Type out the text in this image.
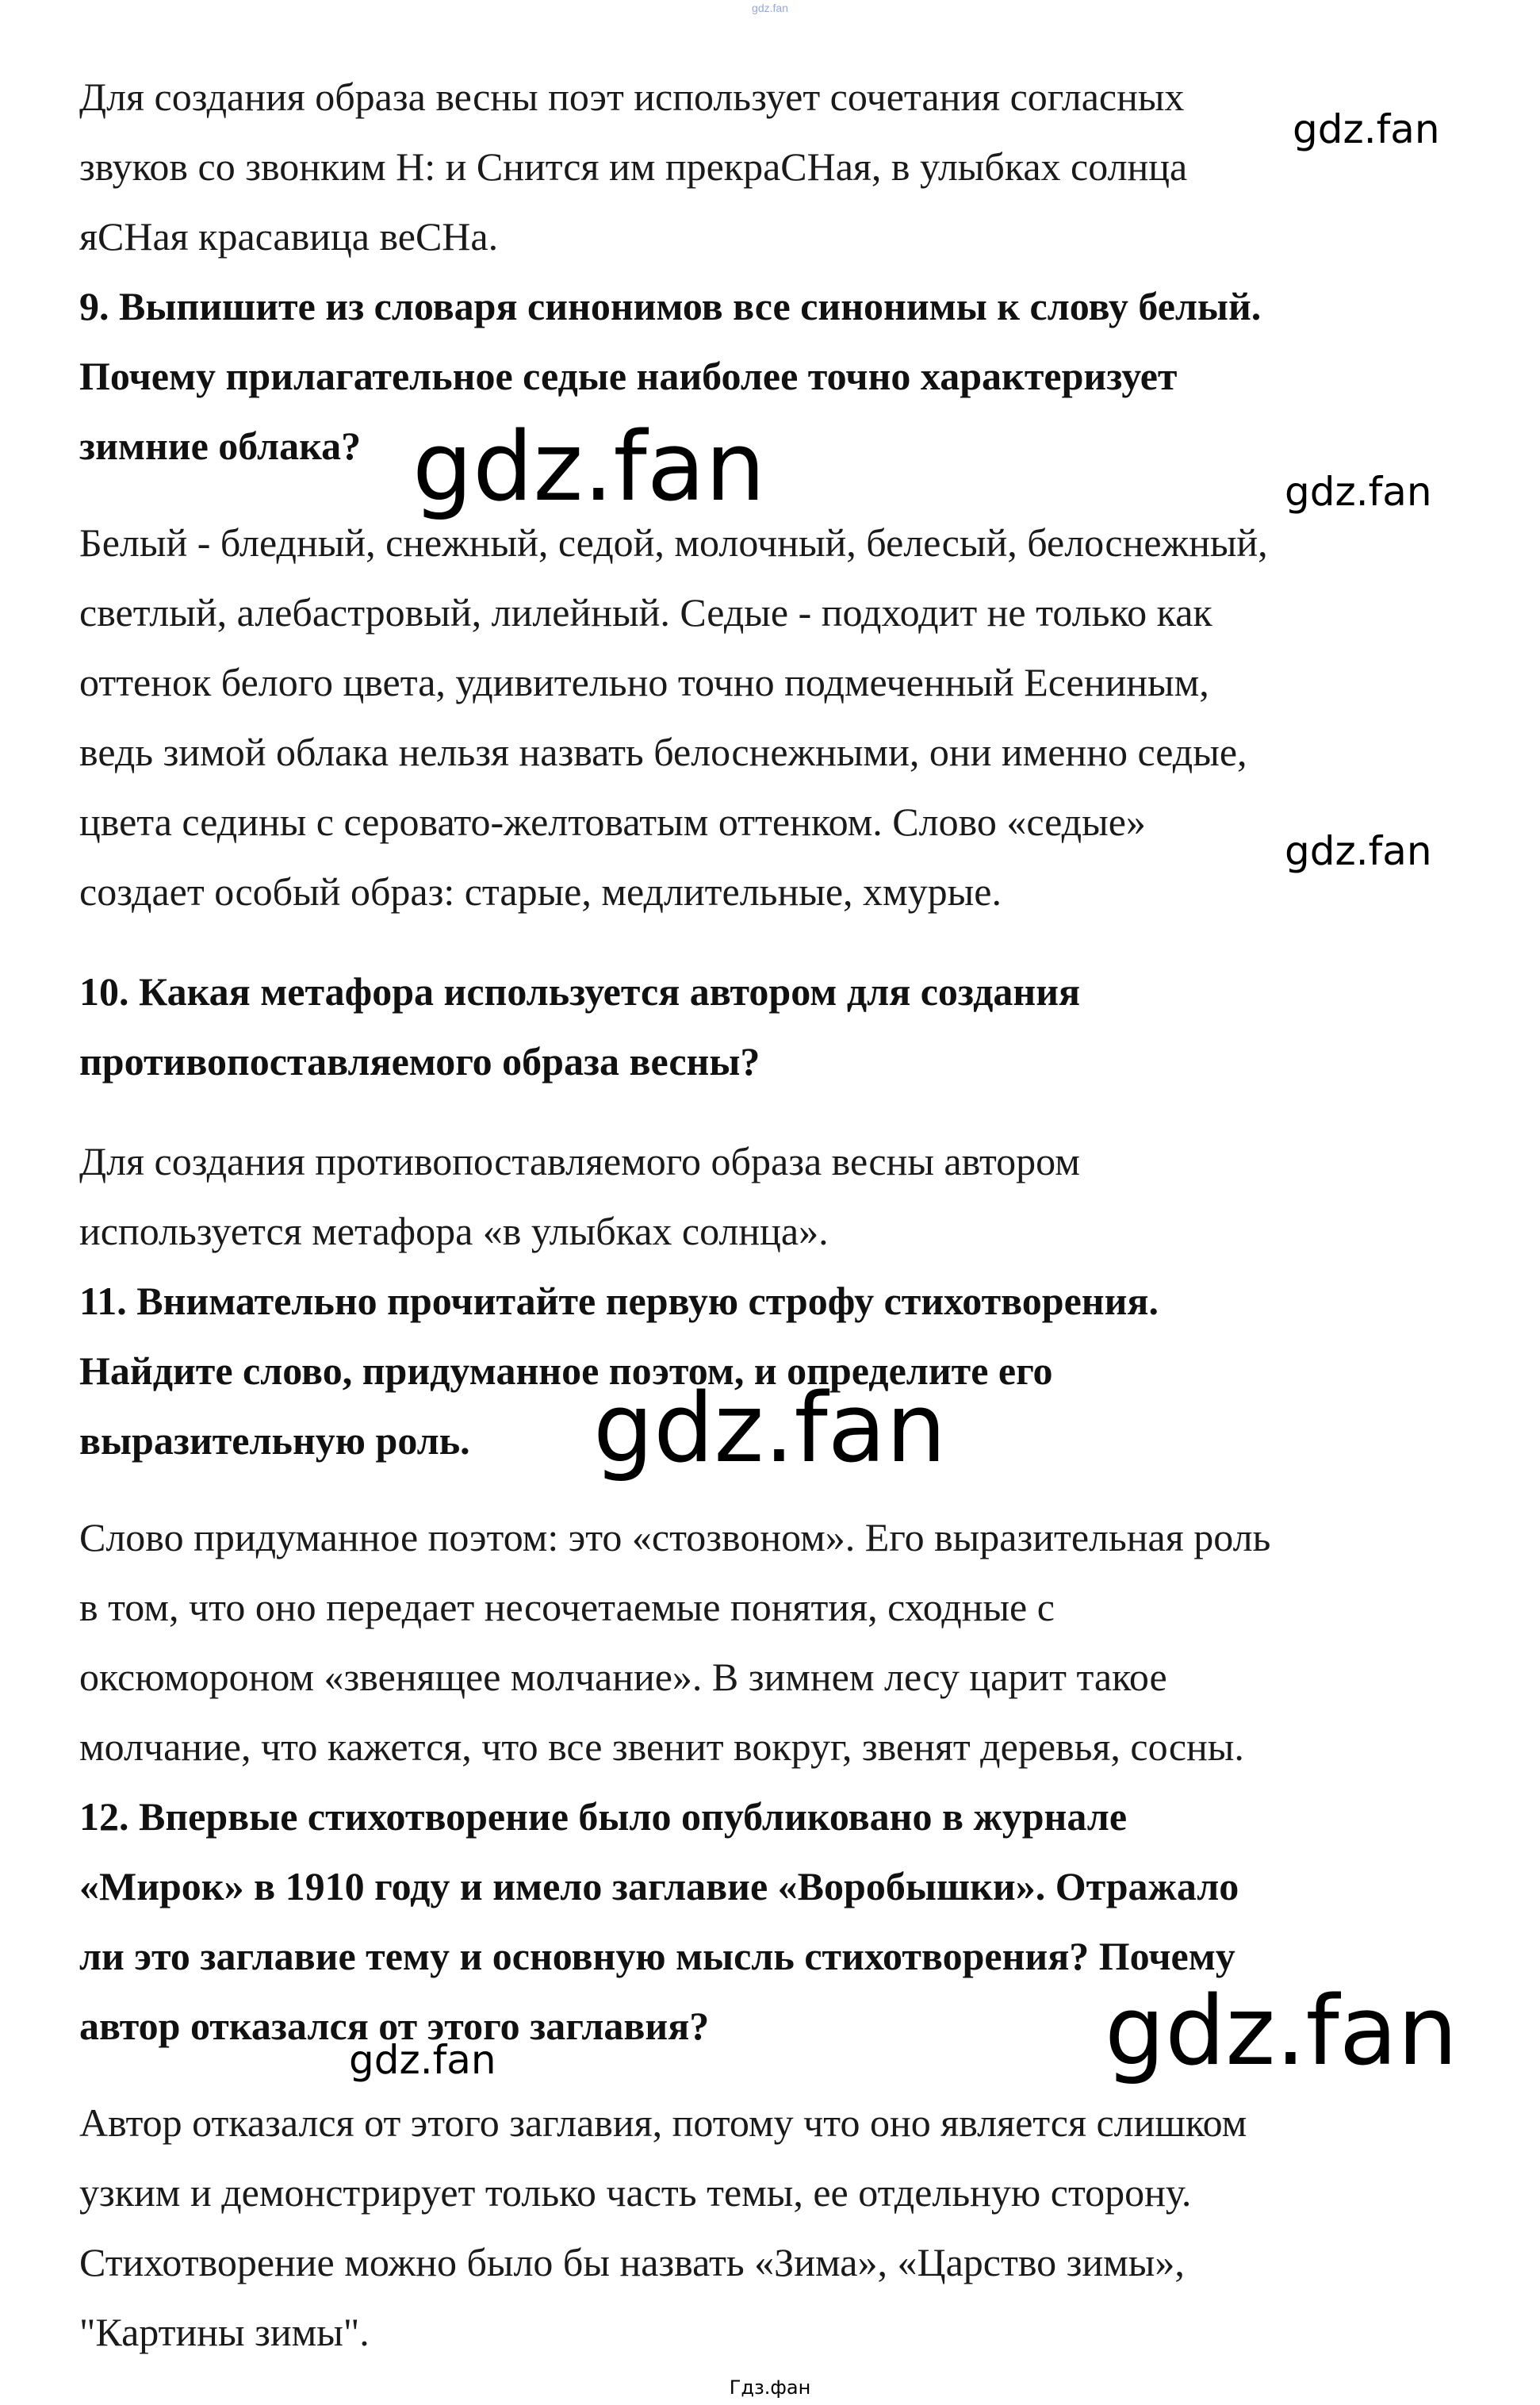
gdz.fan
Для создания образа весны поэт использует сочетания согласных
звуков со звонким Н: и Снится им прекраСНая, в улыбках солнца
яСНая красавица веСНа.
9. Выпишите из словаря синонимов все синонимы к слову белый.
Почему прилагательное седые наиболее точно характеризует
зимние облака?
Белый - бледный, снежный, седой, молочный, белесый, белоснежный,
светлый, алебастровый, лилейный. Седые - подходит не только как
оттенок белого цвета, удивительно точно подмеченный Есениным,
ведь зимой облака нельзя назвать белоснежными, они именно седые,
цвета седины с серовато-желтоватым оттенком. Слово «седые»
создает особый образ: старые, медлительные, хмурые.
10. Какая метафора используется автором для создания
противопоставляемого образа весны?
Для создания противопоставляемого образа весны автором
используется метафора «в улыбках солнца».
11. Внимательно прочитайте первую строфу стихотворения.
Найдите слово, придуманное поэтом, и определите его
выразительную роль.
Слово придуманное поэтом: это «стозвоном». Его выразительная роль
в том, что оно передает несочетаемые понятия, сходные с
оксюмороном «звенящее молчание». В зимнем лесу царит такое
молчание, что кажется, что все звенит вокруг, звенят деревья, сосны.
12. Впервые стихотворение было опубликовано в журнале
«Мирок» в 1910 году и имело заглавие «Воробышки». Отражало
ли это заглавие тему и основную мысль стихотворения? Почему
автор отказался от этого заглавия?
Автор отказался от этого заглавия, потому что оно является слишком
узким и демонстрирует только часть темы, ее отдельную сторону.
Стихотворение можно было бы назвать «Зима», «Царство зимы»,
"Картины зимы".
gdz.fan
gdz.fan	gdz.fan
gdz.fan
gdz.fan
gdz.fan
gdz.fan
Гдз.фан
